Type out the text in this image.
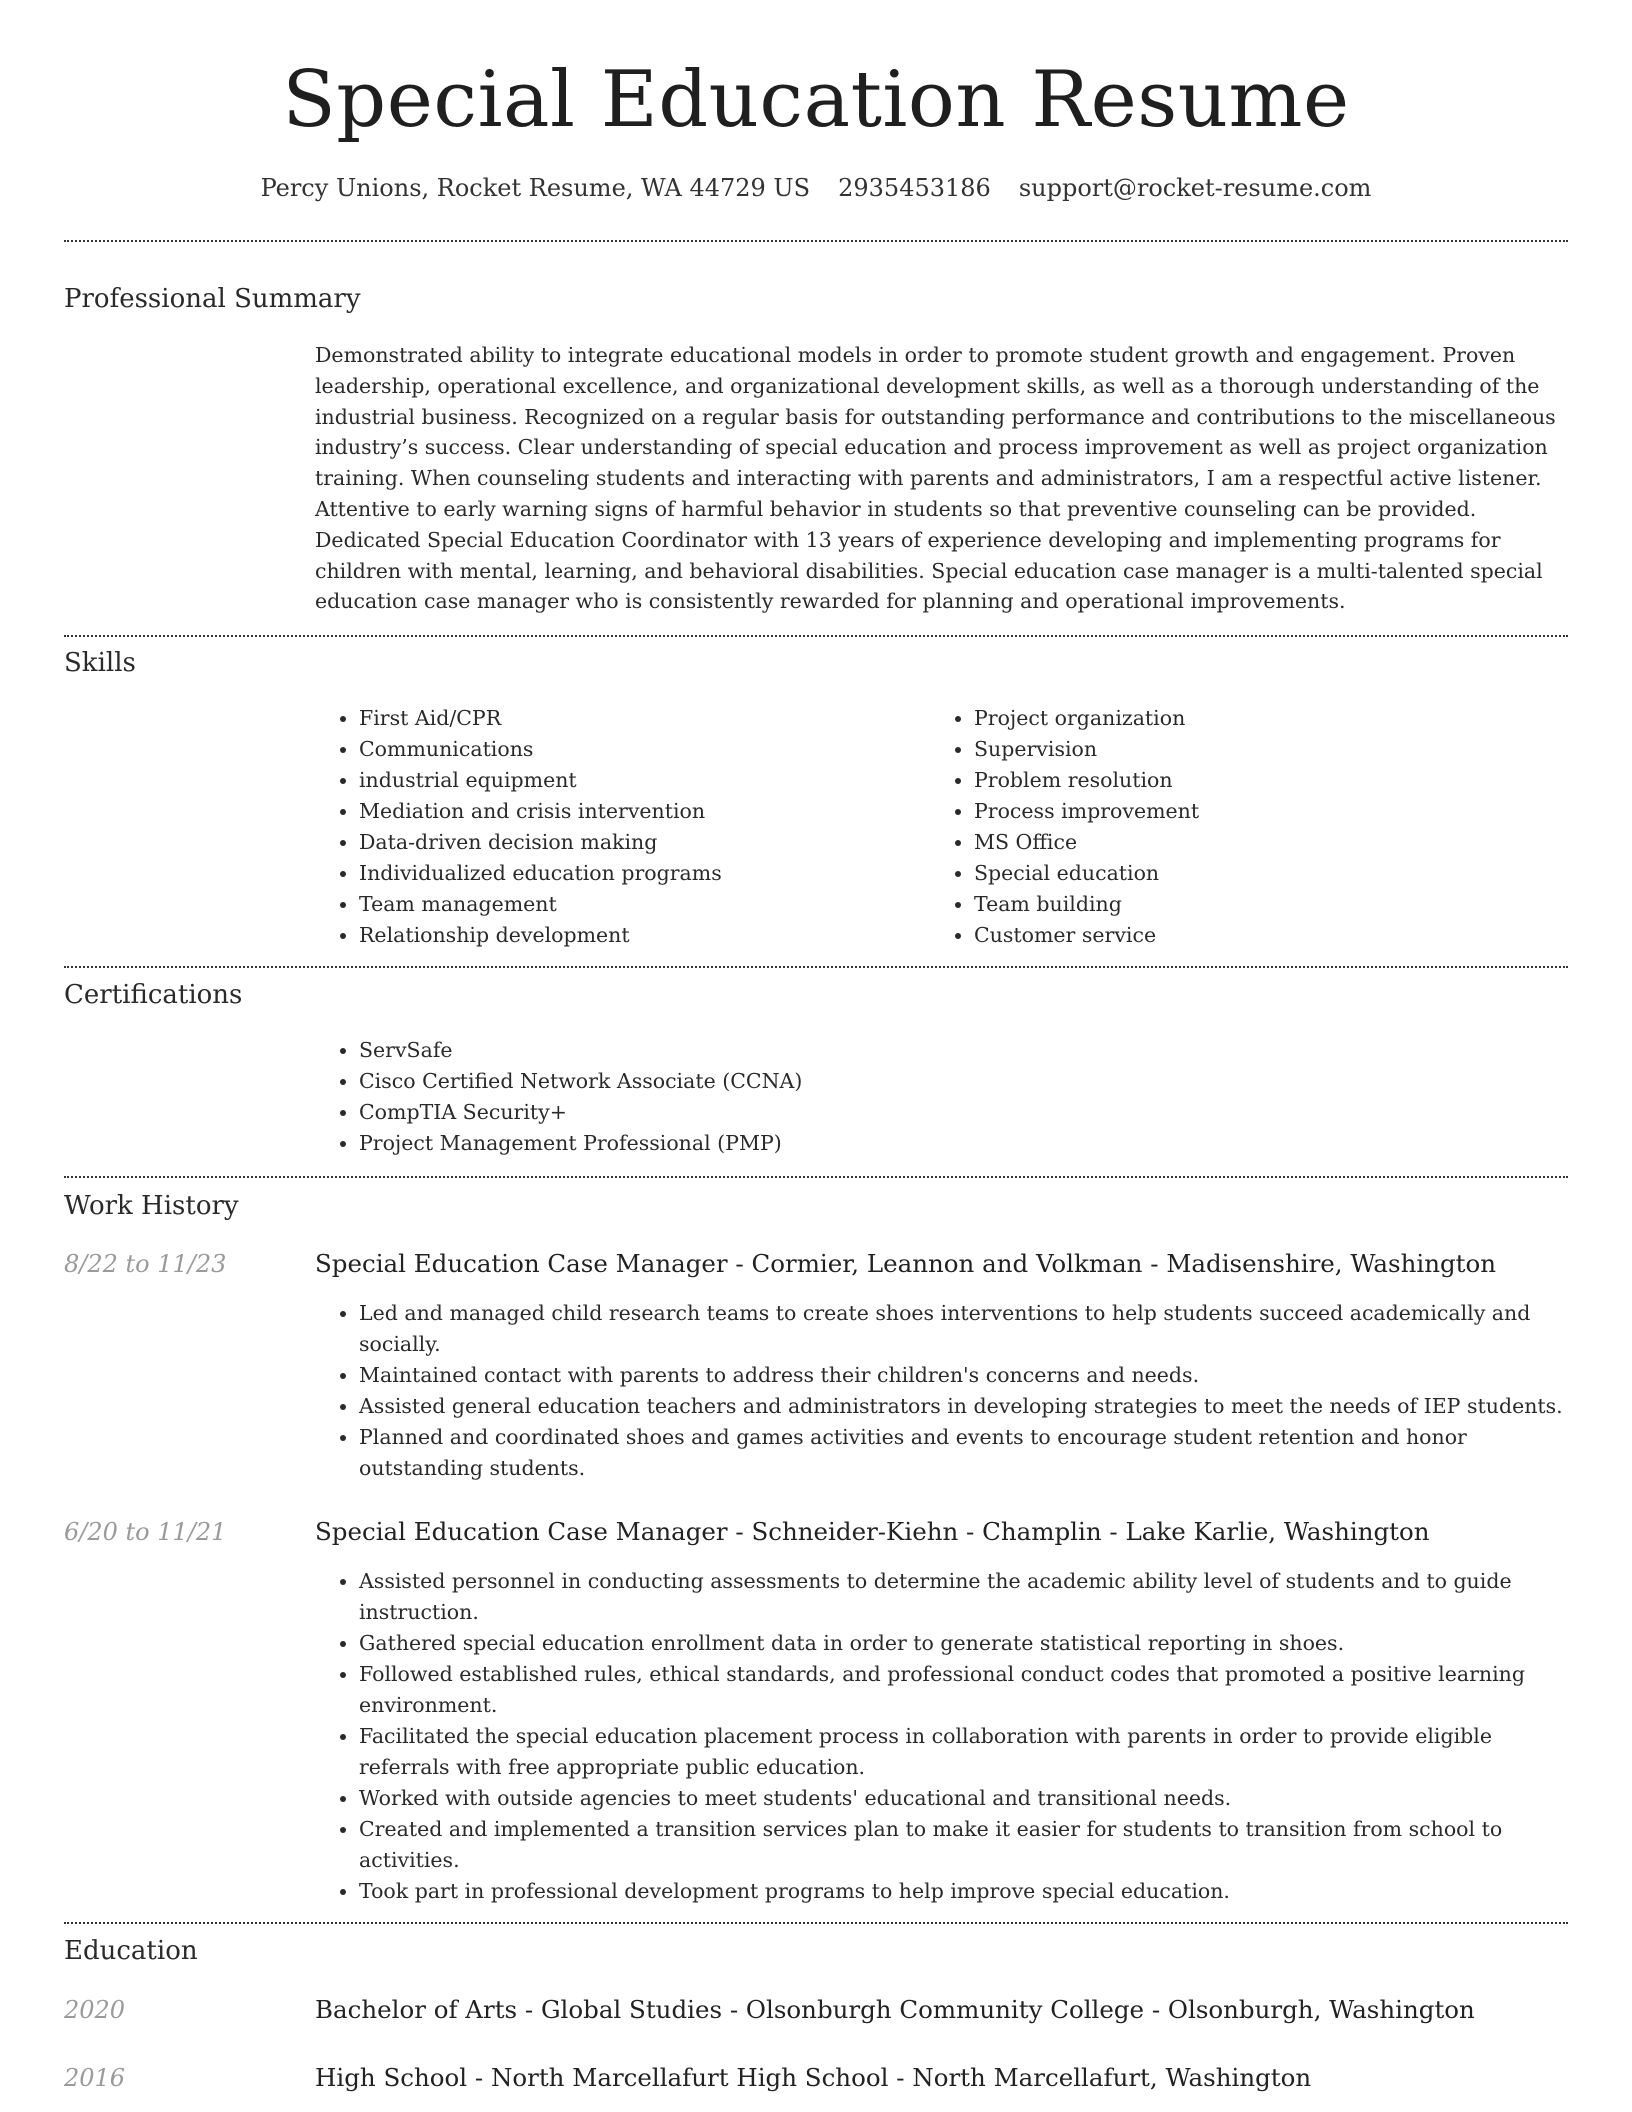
Special Education Resume
Percy Unions, Rocket Resume, WA 44729 US 2935453186 support@rocket-resume.com
Professional Summary
Demonstrated ability to integrate educational models in order to promote student growth and engagement. Proven leadership, operational excellence, and organizational development skills, as well as a thorough understanding of the industrial business. Recognized on a regular basis for outstanding performance and contributions to the miscellaneous industry’s success. Clear understanding of special education and process improvement as well as project organization training. When counseling students and interacting with parents and administrators, I am a respectful active listener. Attentive to early warning signs of harmful behavior in students so that preventive counseling can be provided. Dedicated Special Education Coordinator with 13 years of experience developing and implementing programs for children with mental, learning, and behavioral disabilities. Special education case manager is a multi-talented special education case manager who is consistently rewarded for planning and operational improvements.
Skills
• First Aid/CPR
• Communications
• industrial equipment
• Mediation and crisis intervention
• Data-driven decision making
• Individualized education programs
• Team management
• Relationship development
• Project organization
• Supervision
• Problem resolution
• Process improvement
• MS Office
• Special education
• Team building
• Customer service
Certifications
• ServSafe
• Cisco Certified Network Associate (CCNA)
• CompTIA Security+
• Project Management Professional (PMP)
Work History
8/22 to 11/23	Special Education Case Manager - Cormier, Leannon and Volkman - Madisenshire, Washington
• Led and managed child research teams to create shoes interventions to help students succeed academically and socially.
• Maintained contact with parents to address their children's concerns and needs.
• Assisted general education teachers and administrators in developing strategies to meet the needs of IEP students.
• Planned and coordinated shoes and games activities and events to encourage student retention and honor outstanding students.
6/20 to 11/21	Special Education Case Manager - Schneider-Kiehn - Champlin - Lake Karlie, Washington
• Assisted personnel in conducting assessments to determine the academic ability level of students and to guide instruction.
• Gathered special education enrollment data in order to generate statistical reporting in shoes.
• Followed established rules, ethical standards, and professional conduct codes that promoted a positive learning environment.
• Facilitated the special education placement process in collaboration with parents in order to provide eligible referrals with free appropriate public education.
• Worked with outside agencies to meet students' educational and transitional needs.
• Created and implemented a transition services plan to make it easier for students to transition from school to activities.
• Took part in professional development programs to help improve special education.
Education
2020	Bachelor of Arts - Global Studies - Olsonburgh Community College - Olsonburgh, Washington
2016	High School - North Marcellafurt High School - North Marcellafurt, Washington
